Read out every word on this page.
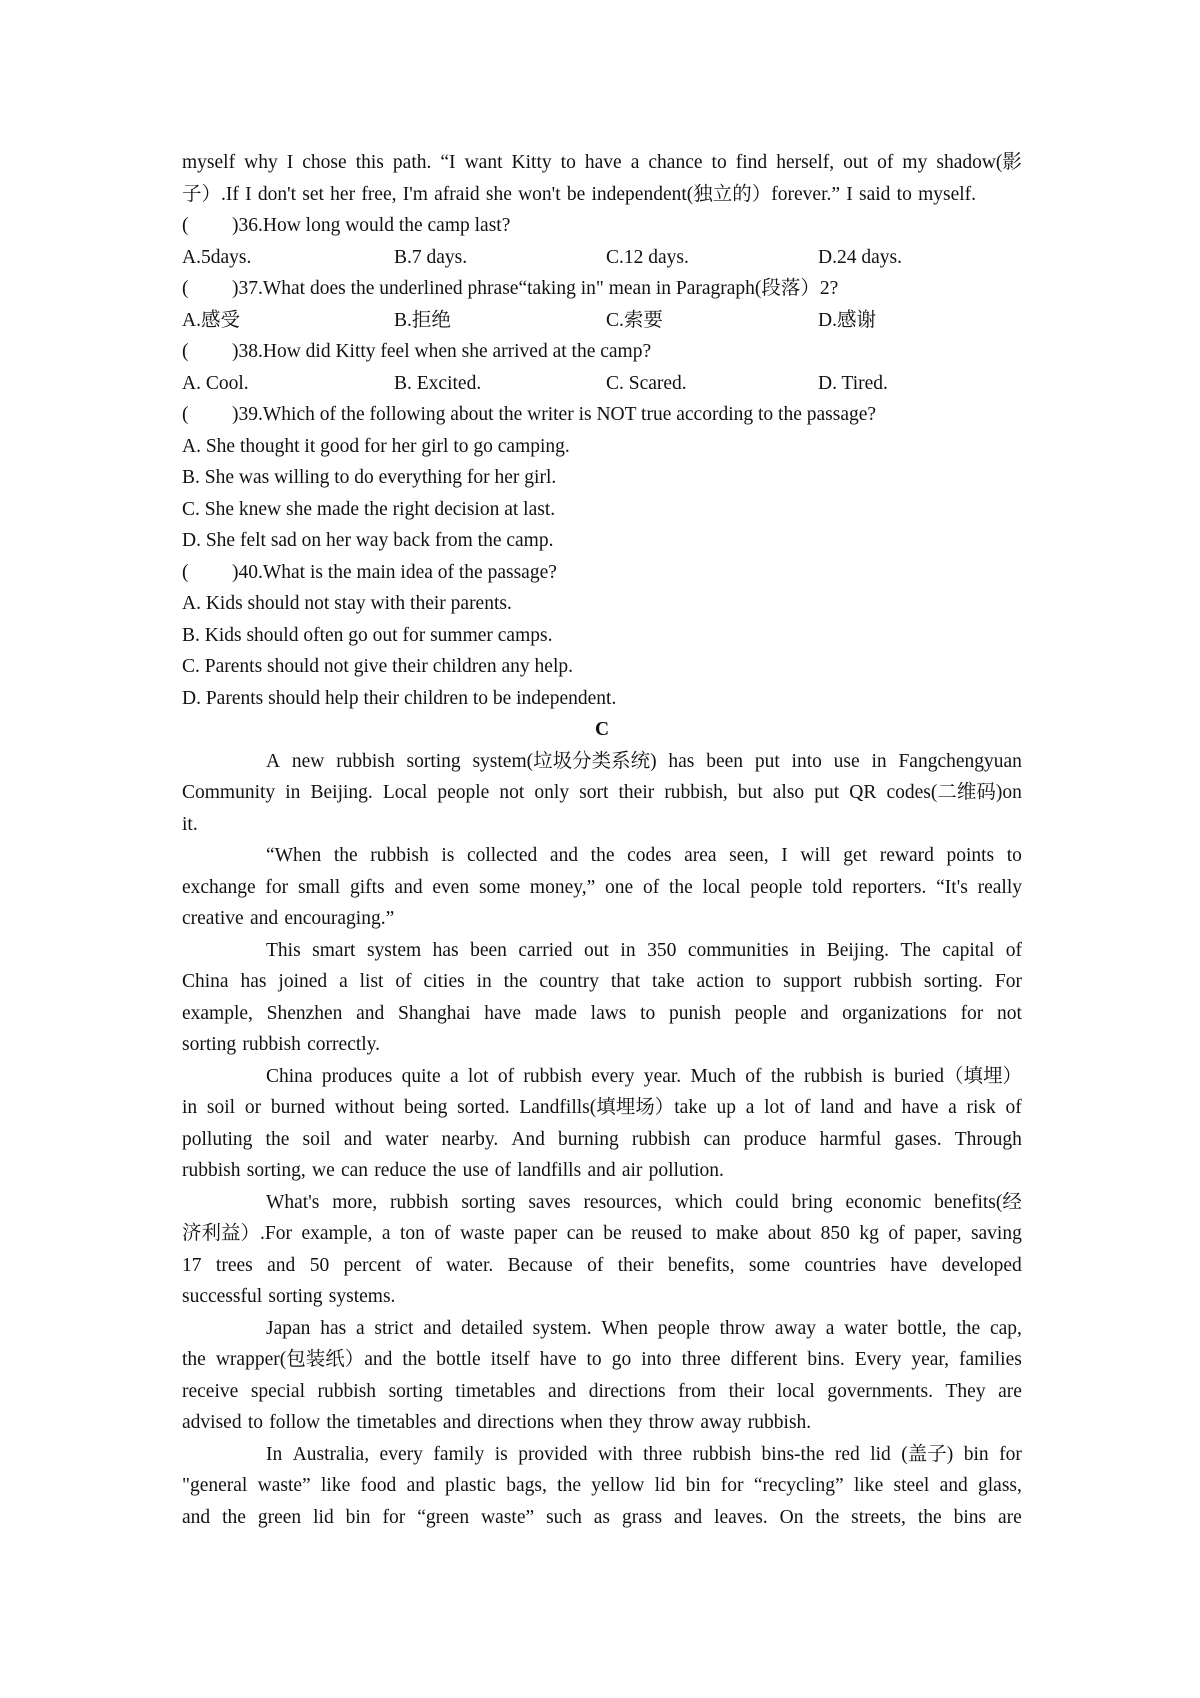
myself why I chose this path. “I want Kitty to have a chance to find herself, out of my shadow(影
子）.If I don't set her free, I'm afraid she won't be independent(独立的）forever.” I said to myself.
( )36.How long would the camp last?
A.5days.	B.7 days.	C.12 days.	D.24 days.
( )37.What does the underlined phrase“taking in" mean in Paragraph(段落）2?
A.感受	B.拒绝	C.索要	D.感谢
( )38.How did Kitty feel when she arrived at the camp?
A. Cool.	B. Excited.	C. Scared.	D. Tired.
( )39.Which of the following about the writer is NOT true according to the passage?
A. She thought it good for her girl to go camping.
B. She was willing to do everything for her girl.
C. She knew she made the right decision at last.
D. She felt sad on her way back from the camp.
( )40.What is the main idea of the passage?
A. Kids should not stay with their parents.
B. Kids should often go out for summer camps.
C. Parents should not give their children any help.
D. Parents should help their children to be independent.
C
A new rubbish sorting system(垃圾分类系统) has been put into use in Fangchengyuan
Community in Beijing. Local people not only sort their rubbish, but also put QR codes(二维码)on
it.
“When the rubbish is collected and the codes area seen, I will get reward points to
exchange for small gifts and even some money,” one of the local people told reporters. “It's really
creative and encouraging.”
This smart system has been carried out in 350 communities in Beijing. The capital of
China has joined a list of cities in the country that take action to support rubbish sorting. For
example, Shenzhen and Shanghai have made laws to punish people and organizations for not
sorting rubbish correctly.
China produces quite a lot of rubbish every year. Much of the rubbish is buried（填埋）
in soil or burned without being sorted. Landfills(填埋场）take up a lot of land and have a risk of
polluting the soil and water nearby. And burning rubbish can produce harmful gases. Through
rubbish sorting, we can reduce the use of landfills and air pollution.
What's more, rubbish sorting saves resources, which could bring economic benefits(经
济利益）.For example, a ton of waste paper can be reused to make about 850 kg of paper, saving
17 trees and 50 percent of water. Because of their benefits, some countries have developed
successful sorting systems.
Japan has a strict and detailed system. When people throw away a water bottle, the cap,
the wrapper(包装纸）and the bottle itself have to go into three different bins. Every year, families
receive special rubbish sorting timetables and directions from their local governments. They are
advised to follow the timetables and directions when they throw away rubbish.
In Australia, every family is provided with three rubbish bins-the red lid (盖子) bin for
"general waste” like food and plastic bags, the yellow lid bin for “recycling” like steel and glass,
and the green lid bin for “green waste” such as grass and leaves. On the streets, the bins are
